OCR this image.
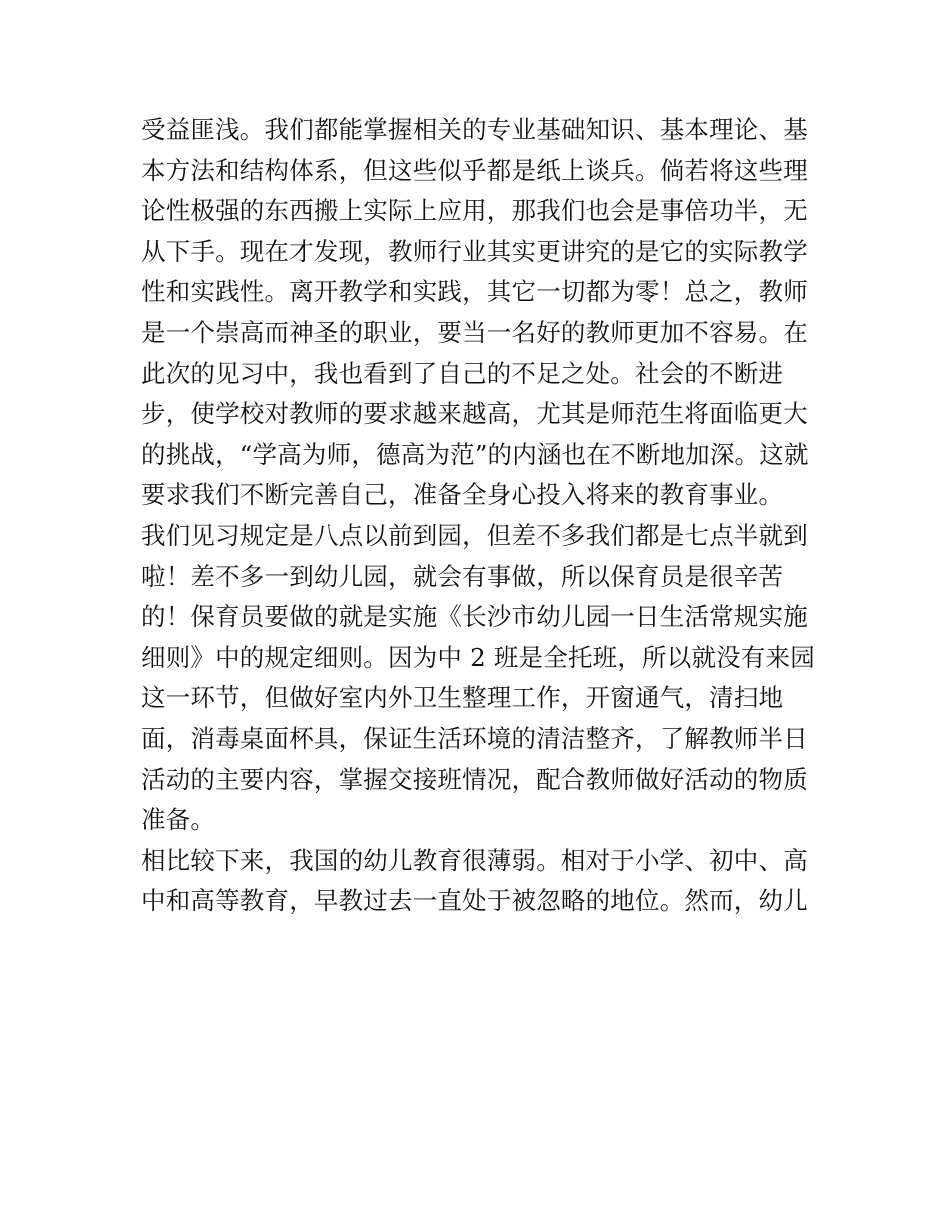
受益匪浅。我们都能掌握相关的专业基础知识、基本理论、基
本方法和结构体系，但这些似乎都是纸上谈兵。倘若将这些理
论性极强的东西搬上实际上应用，那我们也会是事倍功半，无
从下手。现在才发现，教师行业其实更讲究的是它的实际教学
性和实践性。离开教学和实践，其它一切都为零！总之，教师
是一个崇高而神圣的职业，要当一名好的教师更加不容易。在
此次的见习中，我也看到了自己的不足之处。社会的不断进
步，使学校对教师的要求越来越高，尤其是师范生将面临更大
的挑战，“学高为师，德高为范”的内涵也在不断地加深。这就
要求我们不断完善自己，准备全身心投入将来的教育事业。
我们见习规定是八点以前到园，但差不多我们都是七点半就到
啦！差不多一到幼儿园，就会有事做，所以保育员是很辛苦
的！保育员要做的就是实施《长沙市幼儿园一日生活常规实施
细则》中的规定细则。因为中 2 班是全托班，所以就没有来园
这一环节，但做好室内外卫生整理工作，开窗通气，清扫地
面，消毒桌面杯具，保证生活环境的清洁整齐，了解教师半日
活动的主要内容，掌握交接班情况，配合教师做好活动的物质
准备。
相比较下来，我国的幼儿教育很薄弱。相对于小学、初中、高
中和高等教育，早教过去一直处于被忽略的地位。然而，幼儿
